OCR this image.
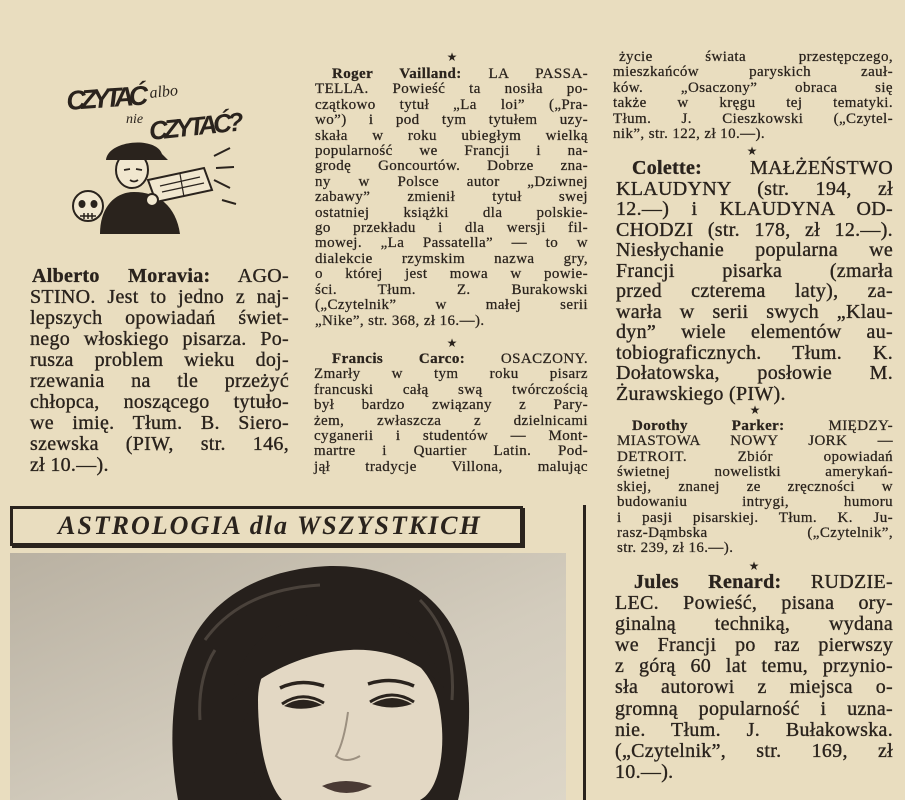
CZYTAĆ albo
nie CZYTAĆ?
Alberto Moravia: AGO-
STINO. Jest to jedno z naj-
lepszych opowiadań świet-
nego włoskiego pisarza. Po-
rusza problem wieku doj-
rzewania na tle przeżyć
chłopca, noszącego tytuło-
we imię. Tłum. B. Siero-
szewska (PIW, str. 146,
zł 10.—).
★
Roger Vailland: LA PASSA-
TELLA. Powieść ta nosiła po-
czątkowo tytuł „La loi” („Pra-
wo”) i pod tym tytułem uzy-
skała w roku ubiegłym wielką
popularność we Francji i na-
grodę Goncourtów. Dobrze zna-
ny w Polsce autor „Dziwnej
zabawy” zmienił tytuł swej
ostatniej książki dla polskie-
go przekładu i dla wersji fil-
mowej. „La Passatella” — to w
dialekcie rzymskim nazwa gry,
o której jest mowa w powie-
ści. Tłum. Z. Burakowski
(„Czytelnik” w małej serii
„Nike”, str. 368, zł 16.—).
★
Francis Carco: OSACZONY.
Zmarły w tym roku pisarz
francuski całą swą twórczością
był bardzo związany z Pary-
żem, zwłaszcza z dzielnicami
cyganerii i studentów — Mont-
martre i Quartier Latin. Pod-
jął tradycje Villona, malując
życie świata przestępczego,
mieszkańców paryskich zauł-
ków. „Osaczony” obraca się
także w kręgu tej tematyki.
Tłum. J. Cieszkowski („Czytel-
nik”, str. 122, zł 10.—).
★
Colette: MAŁŻEŃSTWO
KLAUDYNY (str. 194, zł
12.—) i KLAUDYNA OD-
CHODZI (str. 178, zł 12.—).
Niesłychanie popularna we
Francji pisarka (zmarła
przed czterema laty), za-
warła w serii swych „Klau-
dyn” wiele elementów au-
tobiograficznych. Tłum. K.
Dołatowska, posłowie M.
Żurawskiego (PIW).
★
Dorothy Parker:	MIĘDZY-
MIASTOWA NOWY JORK —
DETROIT. Zbiór opowiadań
świetnej nowelistki amerykań-
skiej, znanej ze zręczności w
budowaniu intrygi, humoru
i pasji pisarskiej. Tłum. K. Ju-
rasz-Dąmbska („Czytelnik”,
str. 239, zł 16.—).
★
Jules Renard: RUDZIE-
LEC. Powieść, pisana ory-
ginalną techniką, wydana
we Francji po raz pierwszy
z górą 60 lat temu, przynio-
sła autorowi z miejsca o-
gromną popularność i uzna-
nie. Tłum. J. Bułakowska.
(„Czytelnik”, str. 169, zł
10.—).
ASTROLOGIA dla WSZYSTKICH
